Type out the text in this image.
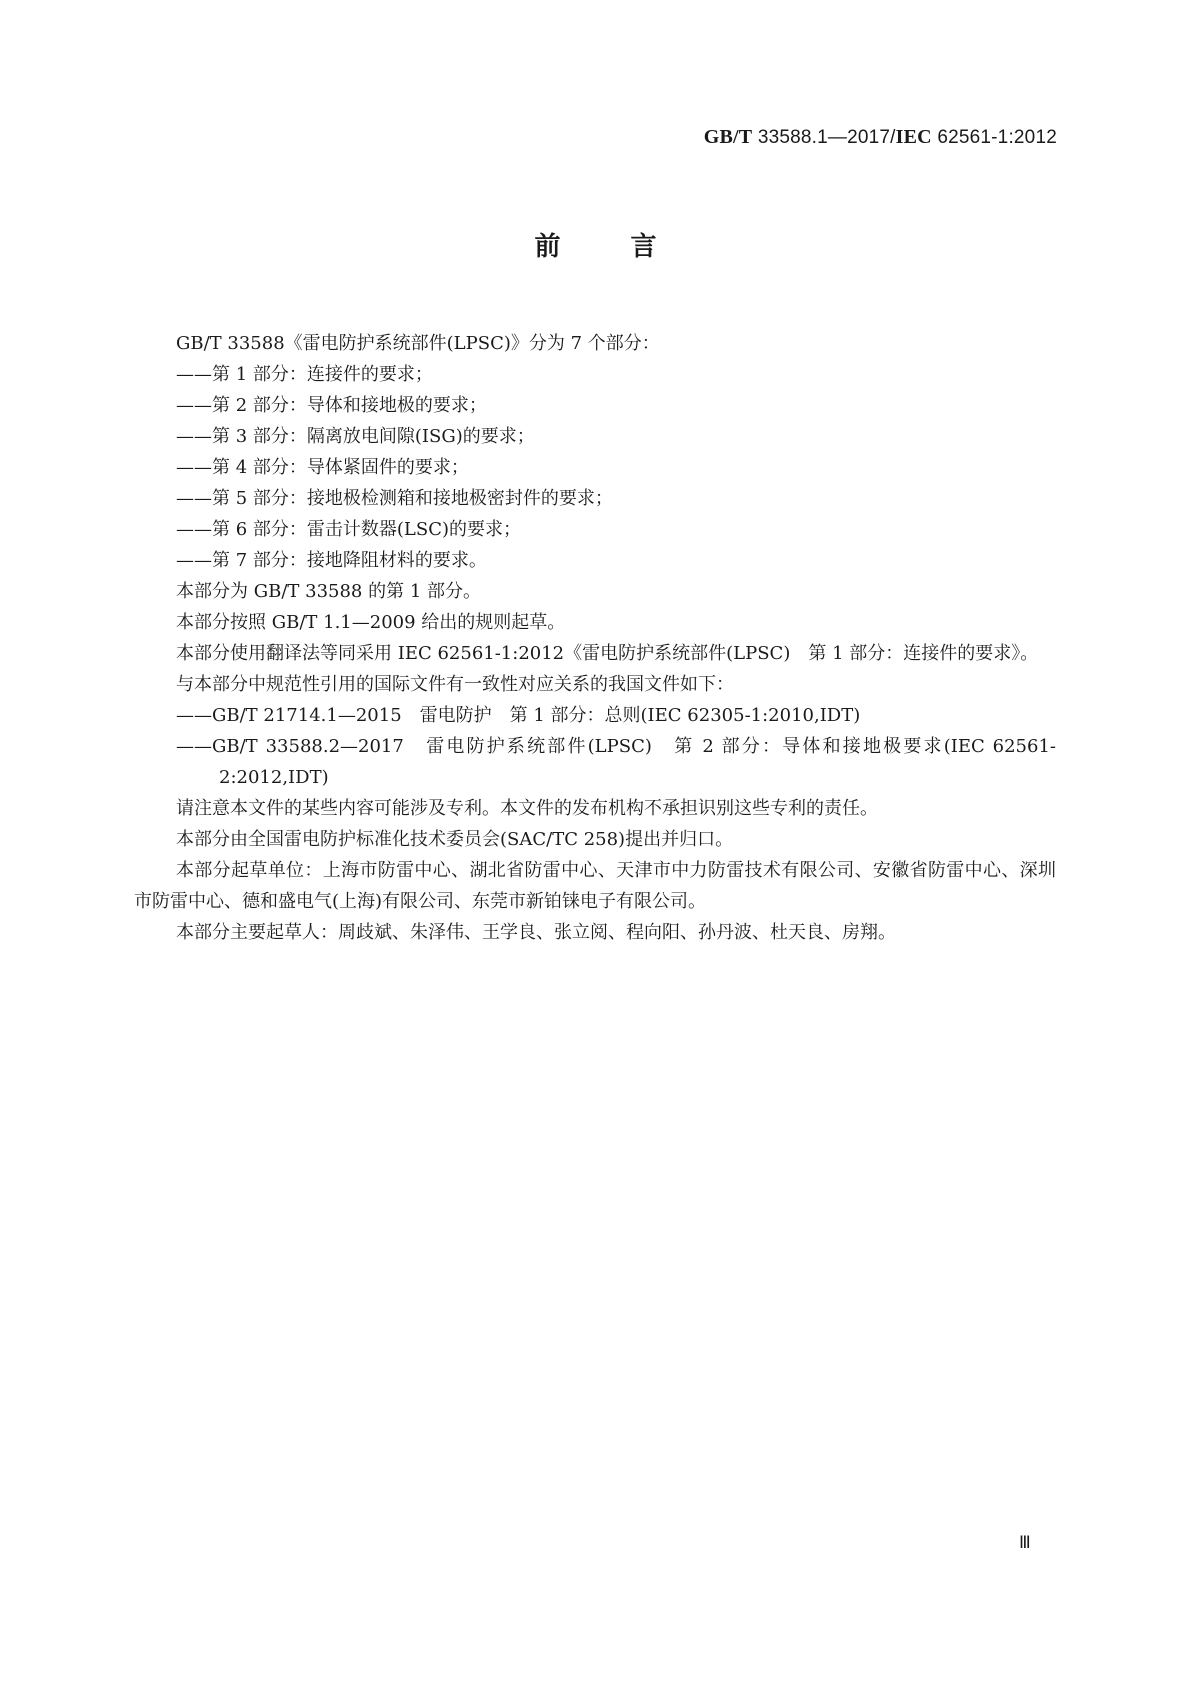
GB/T 33588.1—2017/IEC 62561-1:2012
前	言

GB/T 33588《雷电防护系统部件(LPSC)》分为 7 个部分：

——第 1 部分：连接件的要求；

——第 2 部分：导体和接地极的要求；

——第 3 部分：隔离放电间隙(ISG)的要求；

——第 4 部分：导体紧固件的要求；

——第 5 部分：接地极检测箱和接地极密封件的要求；

——第 6 部分：雷击计数器(LSC)的要求；

——第 7 部分：接地降阻材料的要求。

本部分为 GB/T 33588 的第 1 部分。

本部分按照 GB/T 1.1—2009 给出的规则起草。

本部分使用翻译法等同采用 IEC 62561-1:2012《雷电防护系统部件(LPSC)　第 1 部分：连接件的要求》。

与本部分中规范性引用的国际文件有一致性对应关系的我国文件如下：

——GB/T 21714.1—2015　雷电防护　第 1 部分：总则(IEC 62305-1:2010,IDT)

——GB/T 33588.2—2017　雷电防护系统部件(LPSC)　第 2 部分：导体和接地极要求(IEC 62561-2:2012,IDT)

请注意本文件的某些内容可能涉及专利。本文件的发布机构不承担识别这些专利的责任。

本部分由全国雷电防护标准化技术委员会(SAC/TC 258)提出并归口。

本部分起草单位：上海市防雷中心、湖北省防雷中心、天津市中力防雷技术有限公司、安徽省防雷中心、深圳市防雷中心、德和盛电气(上海)有限公司、东莞市新铂铼电子有限公司。

本部分主要起草人：周歧斌、朱泽伟、王学良、张立阅、程向阳、孙丹波、杜天良、房翔。

Ⅲ
